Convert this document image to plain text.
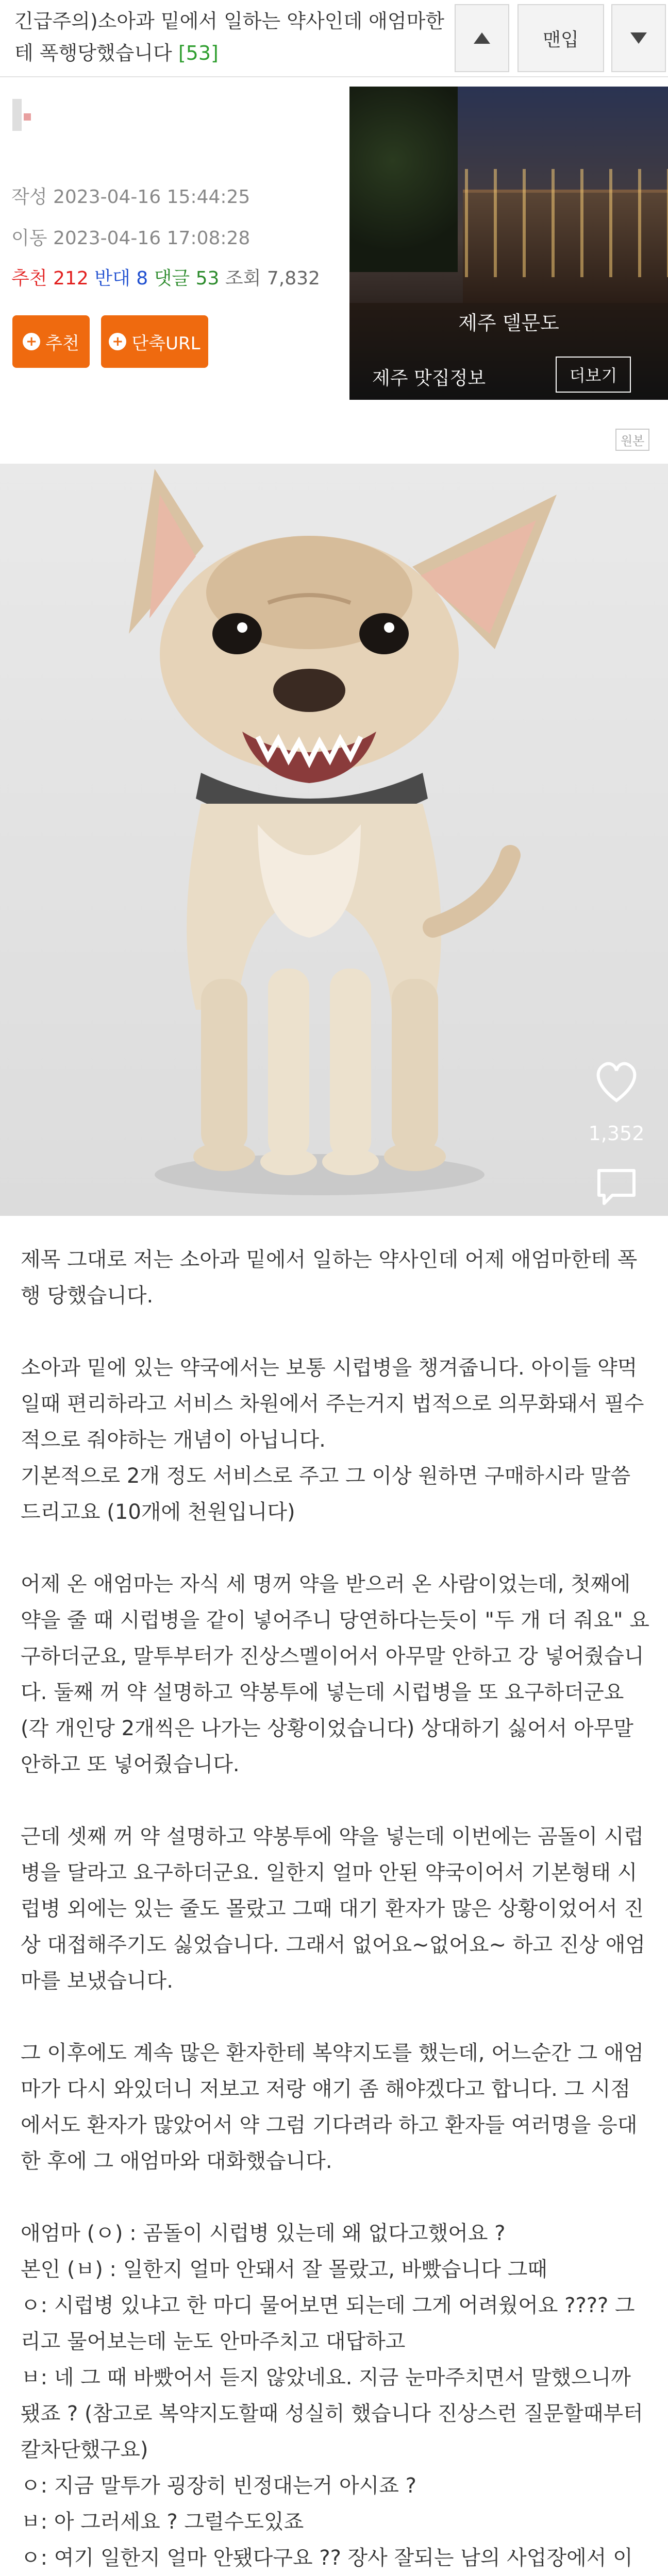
긴급주의)소아과 밑에서 일하는 약사인데 애엄마한테 폭행당했습니다 [53]
맨입
작성 2023-04-16 15:44:25
이동 2023-04-16 17:08:28
추천 212 반대 8 댓글 53 조회 7,832
+ 추천 + 단축URL
제주 델문도
제주 맛집정보	더보기
원본
1,352

제목 그대로 저는 소아과 밑에서 일하는 약사인데 어제 애엄마한테 폭행 당했습니다.

소아과 밑에 있는 약국에서는 보통 시럽병을 챙겨줍니다. 아이들 약먹일때 편리하라고 서비스 차원에서 주는거지 법적으로 의무화돼서 필수적으로 줘야하는 개념이 아닙니다.
기본적으로 2개 정도 서비스로 주고 그 이상 원하면 구매하시라 말씀드리고요 (10개에 천원입니다)

어제 온 애엄마는 자식 세 명꺼 약을 받으러 온 사람이었는데, 첫째에 약을 줄 때 시럽병을 같이 넣어주니 당연하다는듯이 "두 개 더 줘요" 요구하더군요, 말투부터가 진상스멜이어서 아무말 안하고 강 넣어줬습니다. 둘째 꺼 약 설명하고 약봉투에 넣는데 시럽병을 또 요구하더군요 (각 개인당 2개씩은 나가는 상황이었습니다) 상대하기 싫어서 아무말 안하고 또 넣어줬습니다.

근데 셋째 꺼 약 설명하고 약봉투에 약을 넣는데 이번에는 곰돌이 시럽병을 달라고 요구하더군요. 일한지 얼마 안된 약국이어서 기본형태 시럽병 외에는 있는 줄도 몰랐고 그때 대기 환자가 많은 상황이었어서 진상 대접해주기도 싫었습니다. 그래서 없어요~없어요~ 하고 진상 애엄마를 보냈습니다.

그 이후에도 계속 많은 환자한테 복약지도를 했는데, 어느순간 그 애엄마가 다시 와있더니 저보고 저랑 얘기 좀 해야겠다고 합니다. 그 시점에서도 환자가 많았어서 약 그럼 기다려라 하고 환자들 여러명을 응대한 후에 그 애엄마와 대화했습니다.

애엄마 (ㅇ) : 곰돌이 시럽병 있는데 왜 없다고했어요 ?
본인 (ㅂ) : 일한지 얼마 안돼서 잘 몰랐고, 바빴습니다 그때
ㅇ: 시럽병 있냐고 한 마디 물어보면 되는데 그게 어려웠어요 ???? 그리고 물어보는데 눈도 안마주치고 대답하고
ㅂ: 네 그 때 바빴어서 듣지 않았네요. 지금 눈마주치면서 말했으니까 됐죠 ? (참고로 복약지도할때 성실히 했습니다 진상스런 질문할때부터 칼차단했구요)
ㅇ: 지금 말투가 굉장히 빈정대는거 아시죠 ?
ㅂ: 아 그러세요 ? 그럴수도있죠
ㅇ: 여기 일한지 얼마 안됐다구요 ?? 장사 잘되는 남의 사업장에서 이
